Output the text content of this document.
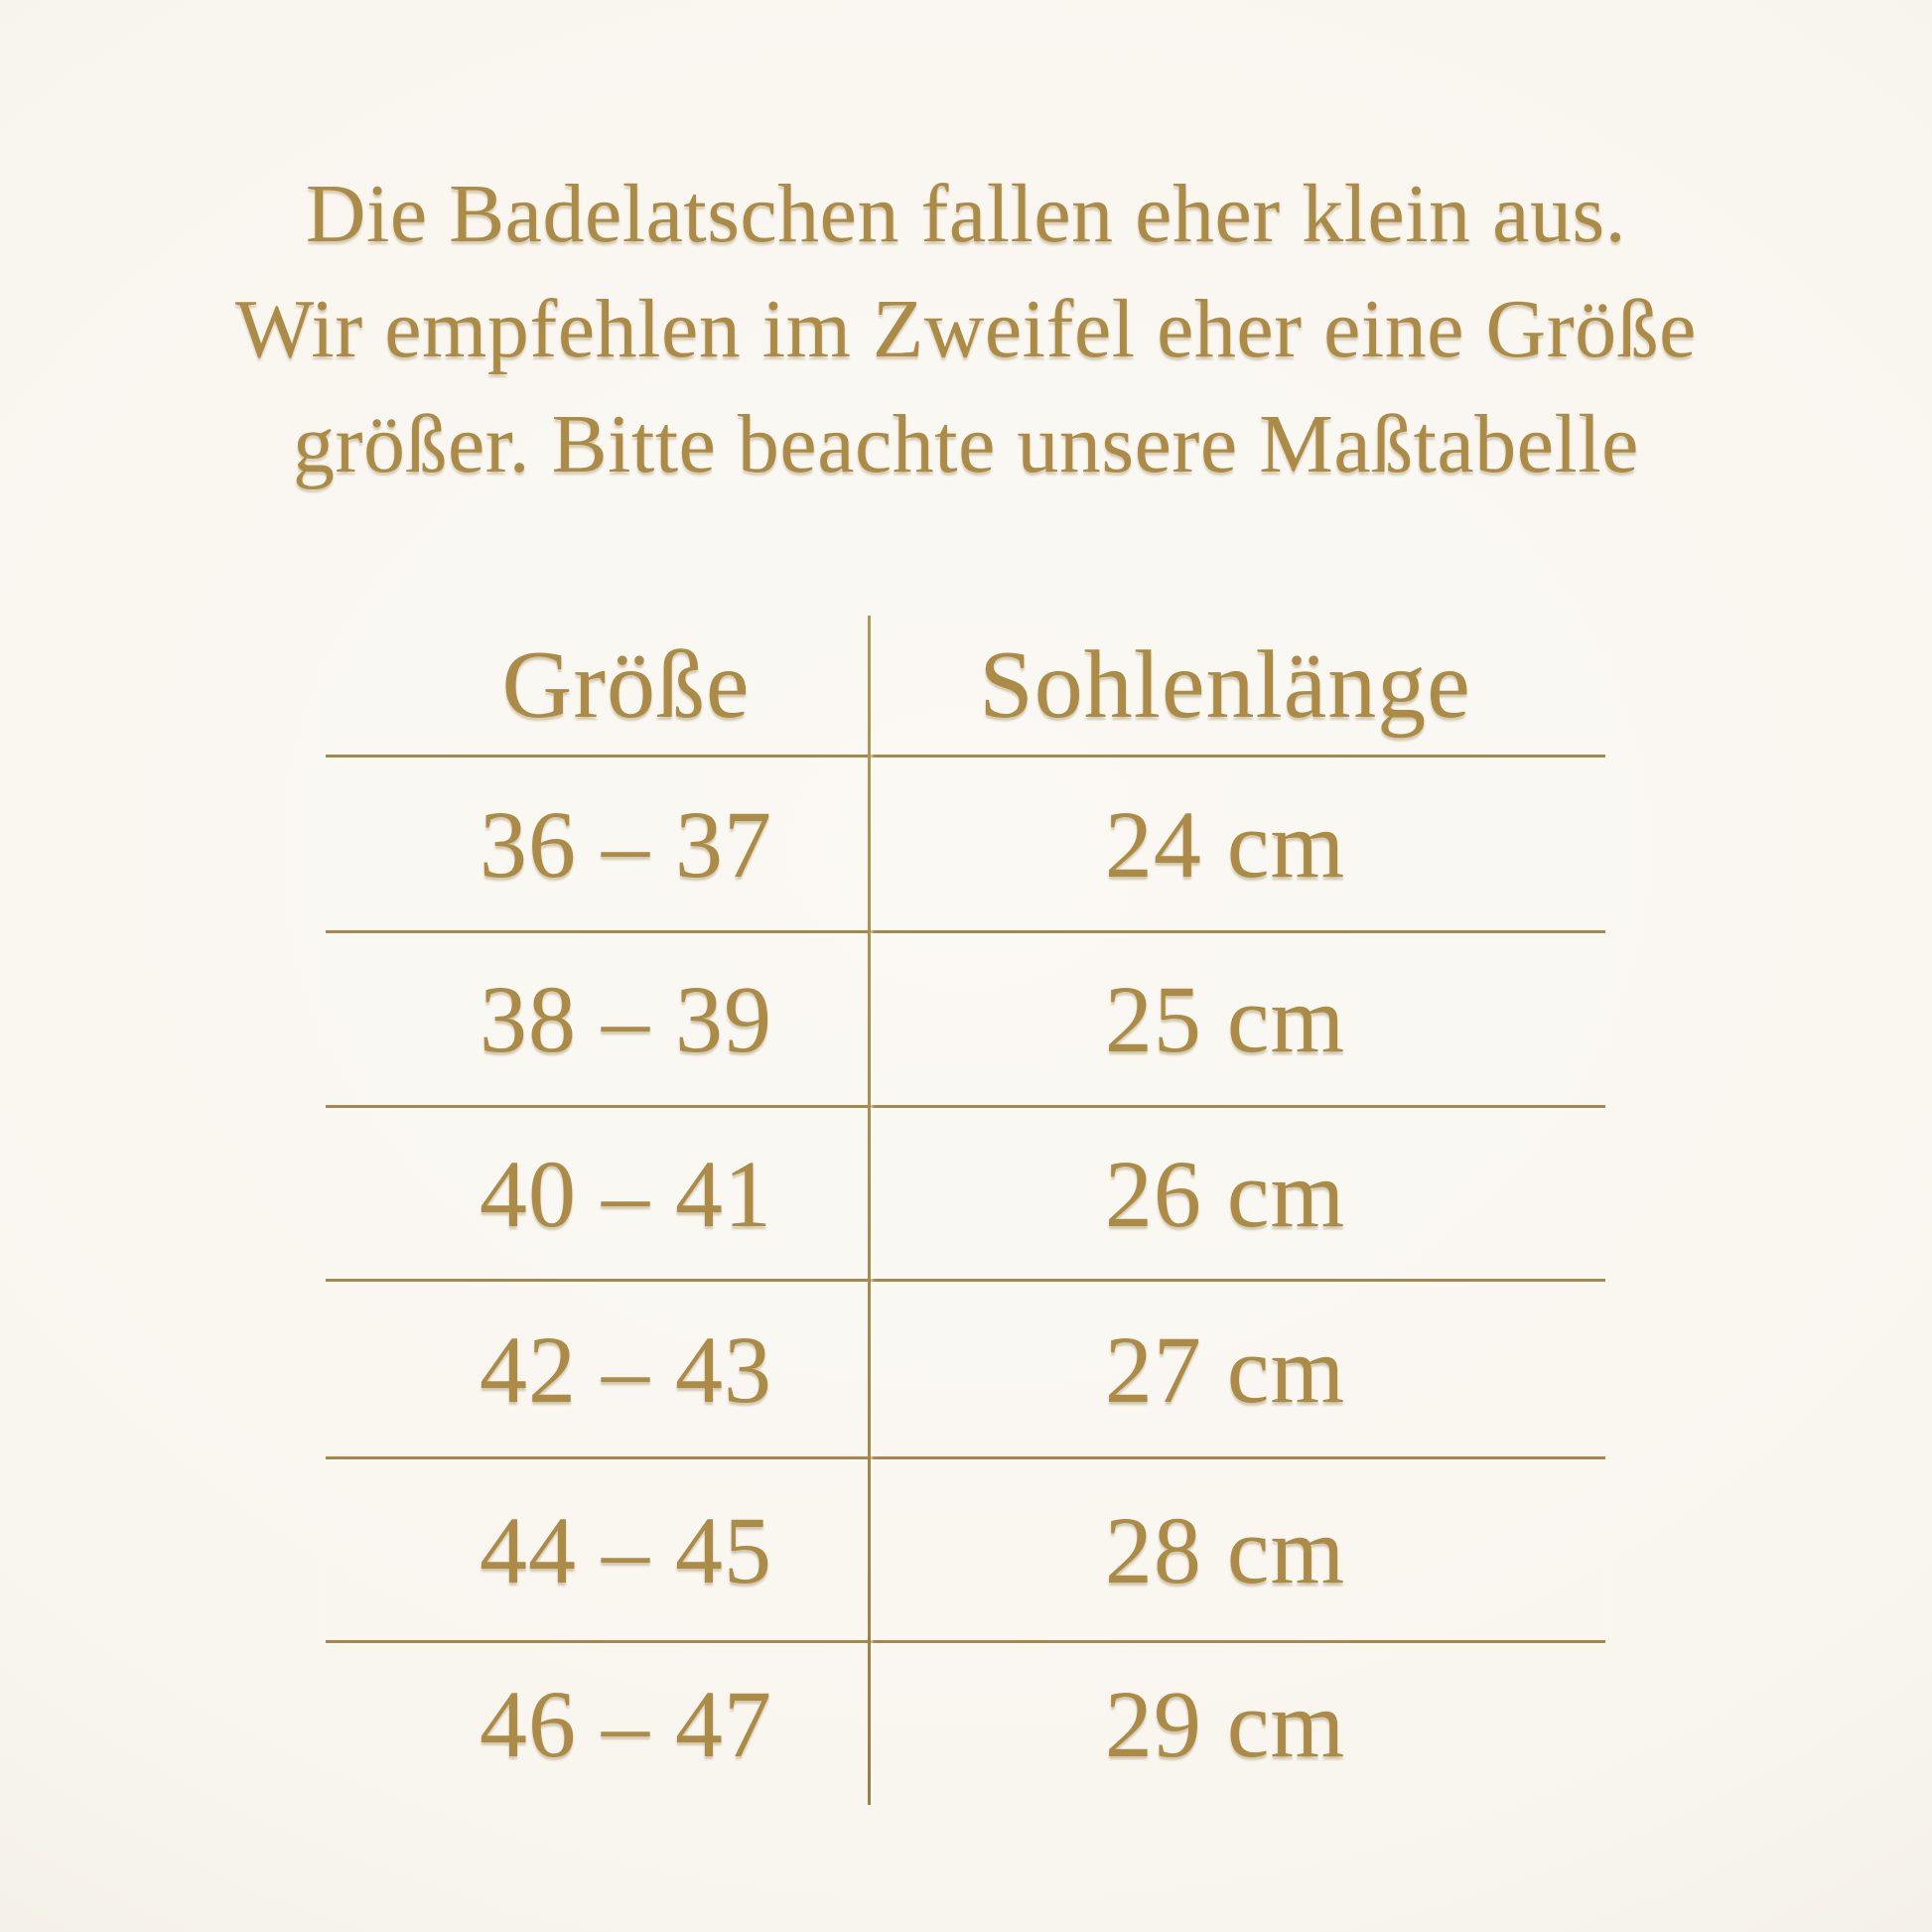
Die Badelatschen fallen eher klein aus.
Wir empfehlen im Zweifel eher eine Größe
größer. Bitte beachte unsere Maßtabelle
Größe	Sohlenlänge
36 – 37	24 cm
38 – 39	25 cm
40 – 41	26 cm
42 – 43	27 cm
44 – 45	28 cm
46 – 47	29 cm
